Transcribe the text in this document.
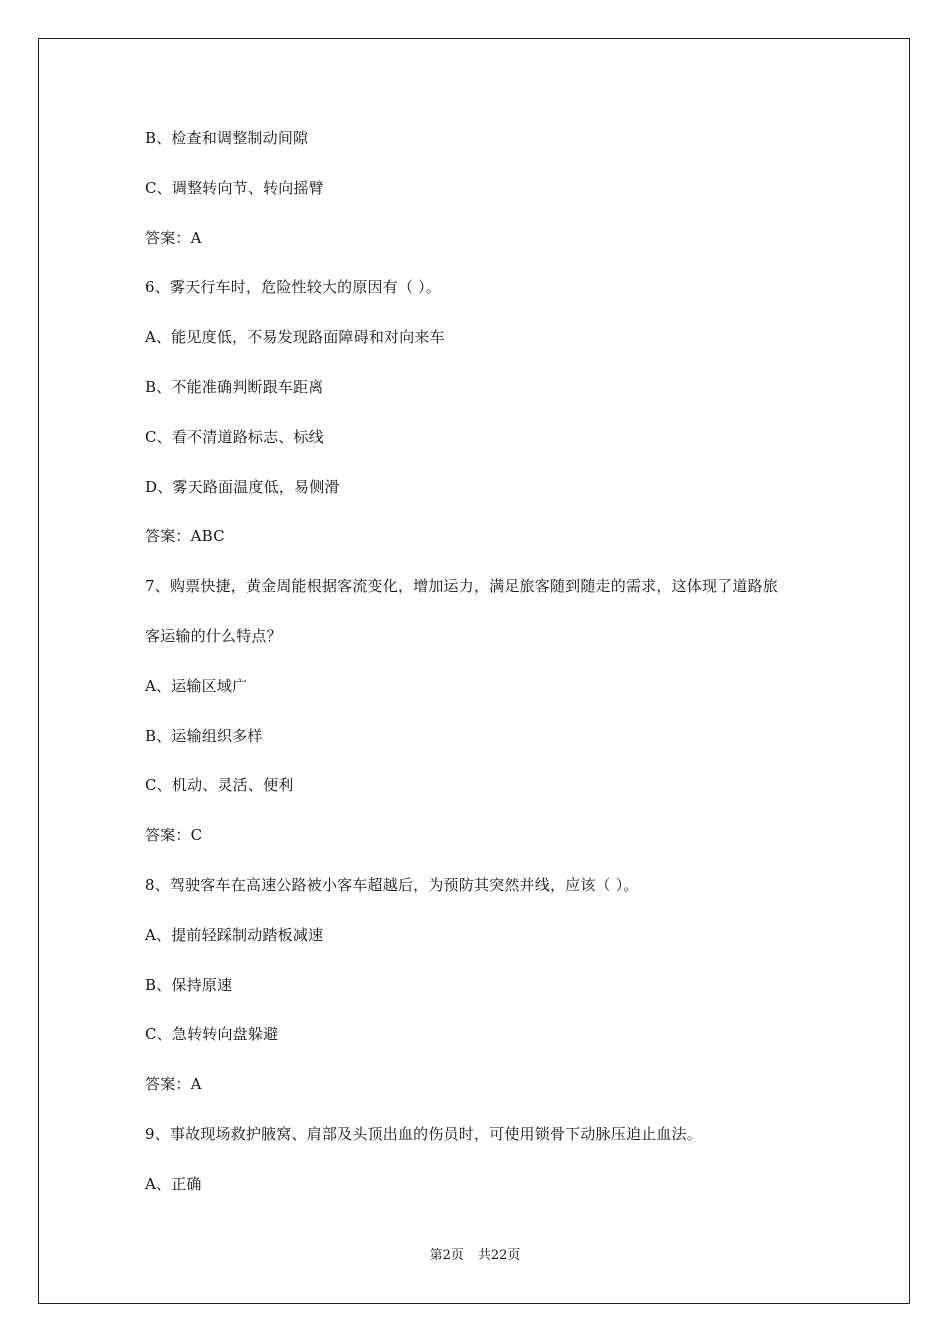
B、检查和调整制动间隙
C、调整转向节、转向摇臂
答案：A
6、雾天行车时，危险性较大的原因有（ ）。
A、能见度低，不易发现路面障碍和对向来车
B、不能准确判断跟车距离
C、看不清道路标志、标线
D、雾天路面温度低，易侧滑
答案：ABC
7、购票快捷，黄金周能根据客流变化，增加运力，满足旅客随到随走的需求，这体现了道路旅
客运输的什么特点？
A、运输区域广
B、运输组织多样
C、机动、灵活、便利
答案：C
8、驾驶客车在高速公路被小客车超越后，为预防其突然并线，应该（ ）。
A、提前轻踩制动踏板减速
B、保持原速
C、急转转向盘躲避
答案：A
9、事故现场救护腋窝、肩部及头顶出血的伤员时，可使用锁骨下动脉压迫止血法。
A、正确
第2页 共22页
